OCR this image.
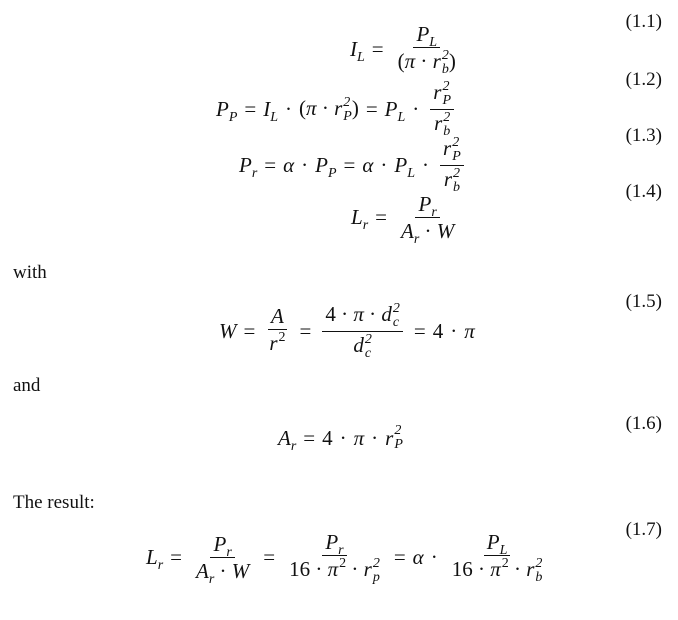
$I_L = P_L$
(π · r 2
b )
(1.1)
$P_P = I_L \cdot (\pi \cdot r$ 2
P ) = $P_L \cdot r$ 2
P
r 2
b
(1.2)
$P_r = \alpha \cdot P_P = \alpha \cdot P_L \cdot r$ 2
P
r 2
b
(1.3)
$L_r = \frac{P_r}{A_r \cdot W}$
(1.4)
with
$W = \frac{A}{r 2}$
= 4 · π · d 2
c
d 2
c = 4 · π
(1.5)
and
$A_r = 4 \cdot \pi \cdot r$ 2
P
(1.6)
The result:
$L_r = \frac{P_r}{A_r \cdot W} = P_r$
16 · π 2
· r 2
$p = \alpha \cdot P_L$
16 · π 2
· r 2
b
(1.7)
